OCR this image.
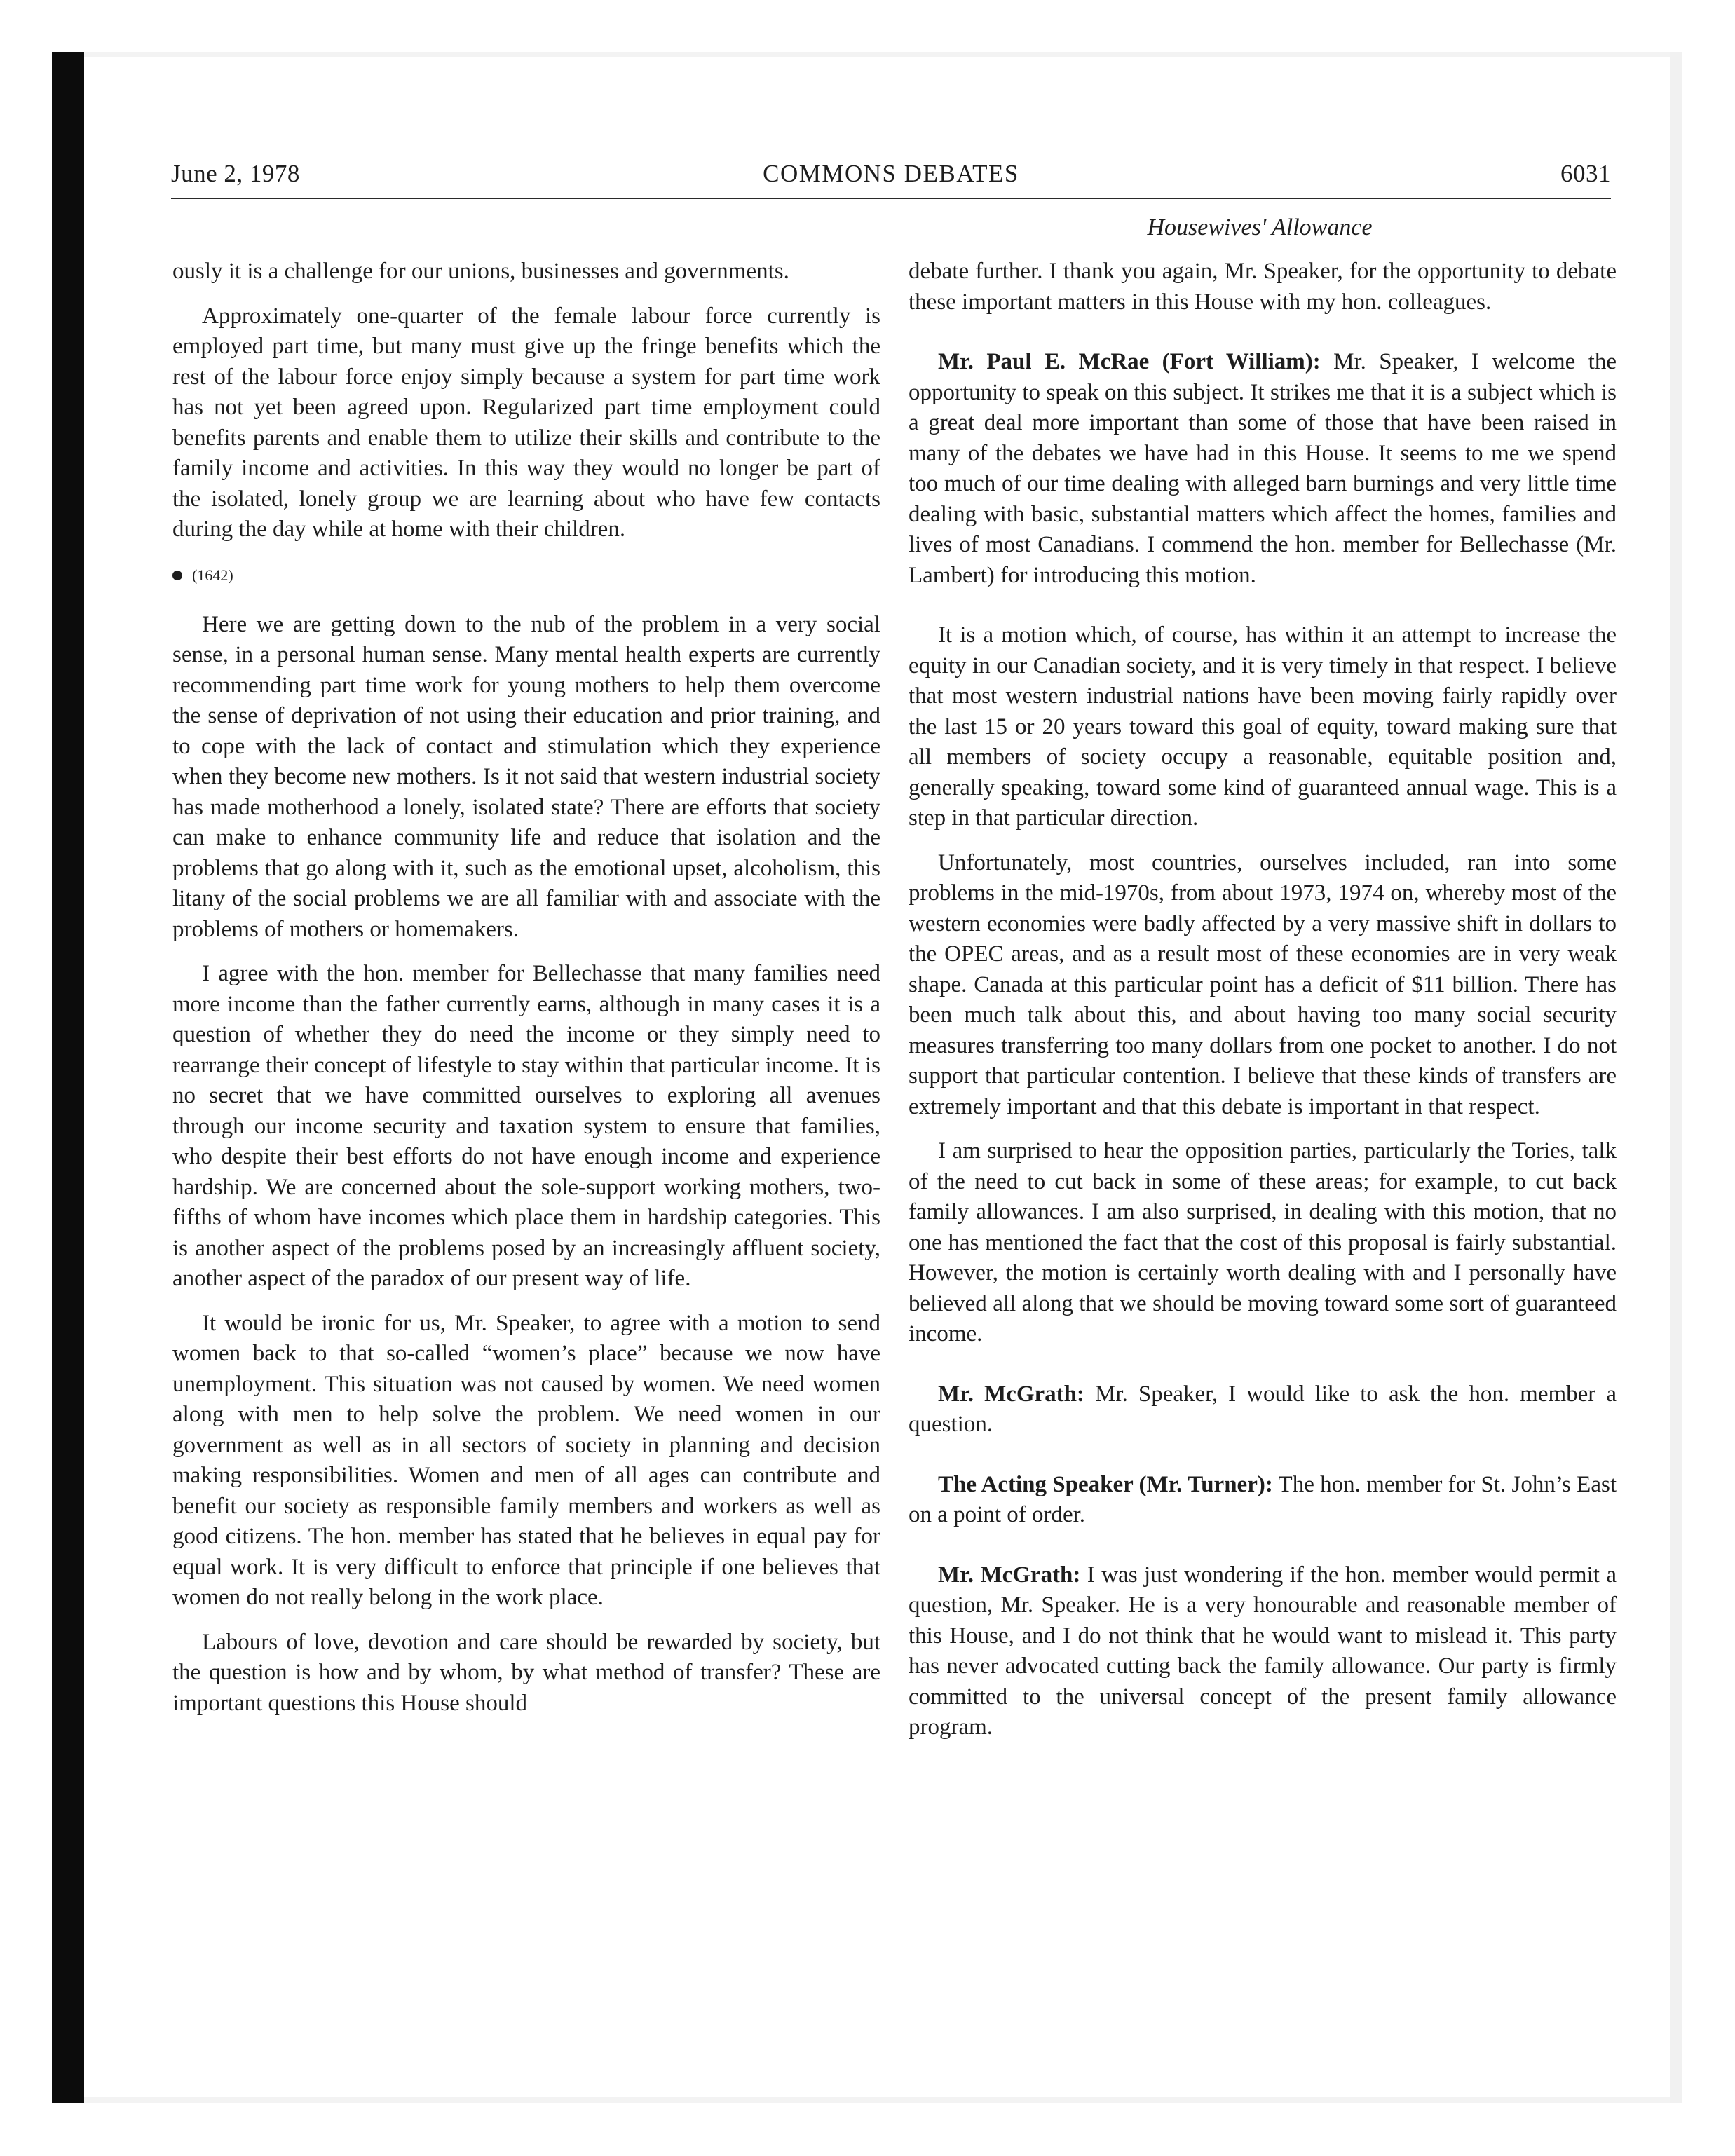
June 2, 1978	COMMONS DEBATES	6031
Housewives' Allowance

ously it is a challenge for our unions, businesses and governments.

Approximately one-quarter of the female labour force currently is employed part time, but many must give up the fringe benefits which the rest of the labour force enjoy simply because a system for part time work has not yet been agreed upon. Regularized part time employment could benefits parents and enable them to utilize their skills and contribute to the family income and activities. In this way they would no longer be part of the isolated, lonely group we are learning about who have few contacts during the day while at home with their children.

(1642)

Here we are getting down to the nub of the problem in a very social sense, in a personal human sense. Many mental health experts are currently recommending part time work for young mothers to help them overcome the sense of deprivation of not using their education and prior training, and to cope with the lack of contact and stimulation which they experience when they become new mothers. Is it not said that western industrial society has made motherhood a lonely, isolated state? There are efforts that society can make to enhance community life and reduce that isolation and the problems that go along with it, such as the emotional upset, alcoholism, this litany of the social problems we are all familiar with and associate with the problems of mothers or homemakers.

I agree with the hon. member for Bellechasse that many families need more income than the father currently earns, although in many cases it is a question of whether they do need the income or they simply need to rearrange their concept of lifestyle to stay within that particular income. It is no secret that we have committed ourselves to exploring all avenues through our income security and taxation system to ensure that families, who despite their best efforts do not have enough income and experience hardship. We are concerned about the sole-support working mothers, two-fifths of whom have incomes which place them in hardship categories. This is another aspect of the problems posed by an increasingly affluent society, another aspect of the paradox of our present way of life.

It would be ironic for us, Mr. Speaker, to agree with a motion to send women back to that so-called “women’s place” because we now have unemployment. This situation was not caused by women. We need women along with men to help solve the problem. We need women in our government as well as in all sectors of society in planning and decision making responsibilities. Women and men of all ages can contribute and benefit our society as responsible family members and workers as well as good citizens. The hon. member has stated that he believes in equal pay for equal work. It is very difficult to enforce that principle if one believes that women do not really belong in the work place.

Labours of love, devotion and care should be rewarded by society, but the question is how and by whom, by what method of transfer? These are important questions this House should

debate further. I thank you again, Mr. Speaker, for the opportunity to debate these important matters in this House with my hon. colleagues.

Mr. Paul E. McRae (Fort William): Mr. Speaker, I welcome the opportunity to speak on this subject. It strikes me that it is a subject which is a great deal more important than some of those that have been raised in many of the debates we have had in this House. It seems to me we spend too much of our time dealing with alleged barn burnings and very little time dealing with basic, substantial matters which affect the homes, families and lives of most Canadians. I commend the hon. member for Bellechasse (Mr. Lambert) for introducing this motion.

It is a motion which, of course, has within it an attempt to increase the equity in our Canadian society, and it is very timely in that respect. I believe that most western industrial nations have been moving fairly rapidly over the last 15 or 20 years toward this goal of equity, toward making sure that all members of society occupy a reasonable, equitable position and, generally speaking, toward some kind of guaranteed annual wage. This is a step in that particular direction.

Unfortunately, most countries, ourselves included, ran into some problems in the mid-1970s, from about 1973, 1974 on, whereby most of the western economies were badly affected by a very massive shift in dollars to the OPEC areas, and as a result most of these economies are in very weak shape. Canada at this particular point has a deficit of $11 billion. There has been much talk about this, and about having too many social security measures transferring too many dollars from one pocket to another. I do not support that particular contention. I believe that these kinds of transfers are extremely important and that this debate is important in that respect.

I am surprised to hear the opposition parties, particularly the Tories, talk of the need to cut back in some of these areas; for example, to cut back family allowances. I am also surprised, in dealing with this motion, that no one has mentioned the fact that the cost of this proposal is fairly substantial. However, the motion is certainly worth dealing with and I personally have believed all along that we should be moving toward some sort of guaranteed income.

Mr. McGrath: Mr. Speaker, I would like to ask the hon. member a question.

The Acting Speaker (Mr. Turner): The hon. member for St. John’s East on a point of order.

Mr. McGrath: I was just wondering if the hon. member would permit a question, Mr. Speaker. He is a very honourable and reasonable member of this House, and I do not think that he would want to mislead it. This party has never advocated cutting back the family allowance. Our party is firmly committed to the universal concept of the present family allowance program.
